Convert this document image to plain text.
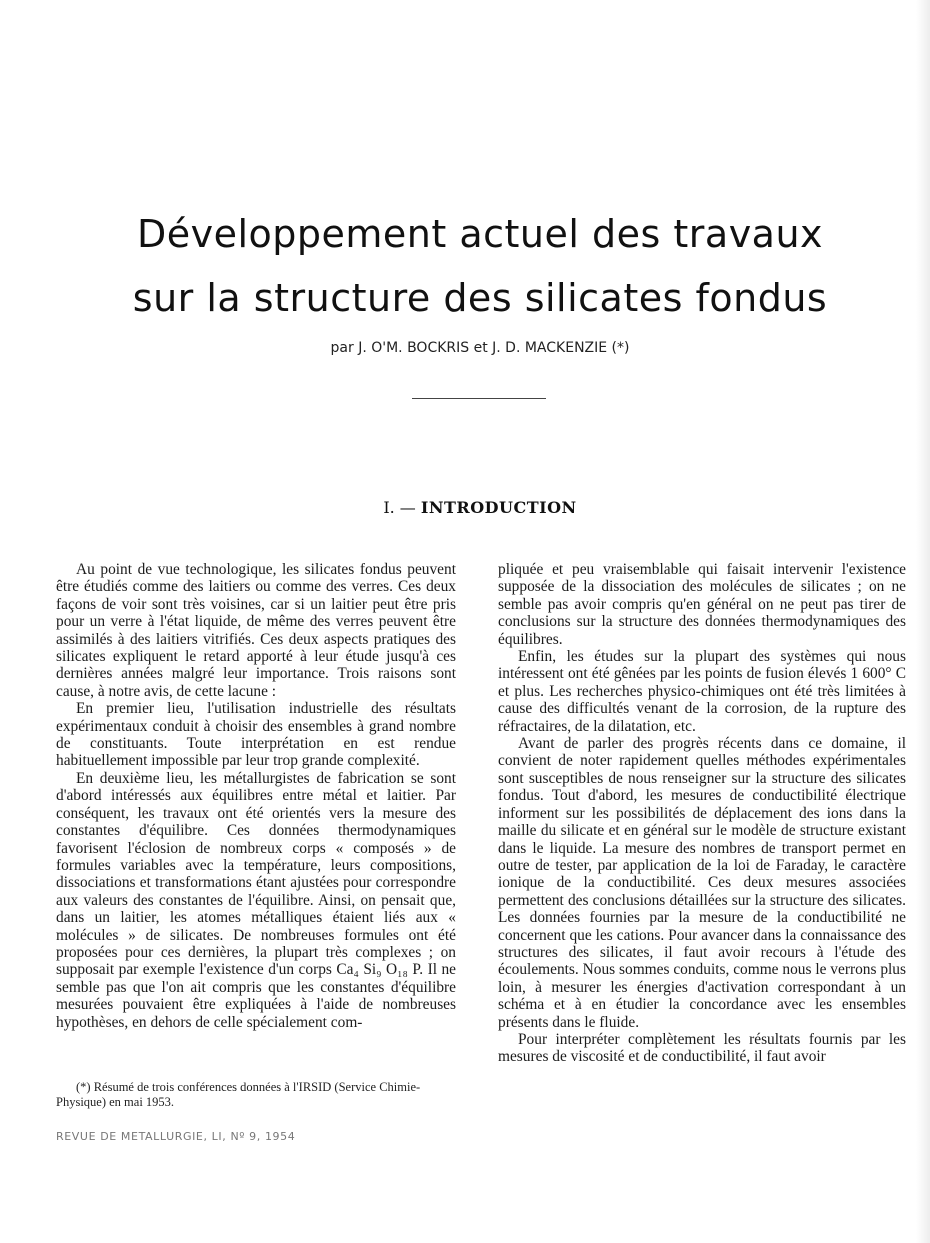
Développement actuel des travaux
sur la structure des silicates fondus
par J. O'M. BOCKRIS et J. D. MACKENZIE (*)
I. — INTRODUCTION

Au point de vue technologique, les silicates fondus peuvent être étudiés comme des laitiers ou comme des verres. Ces deux façons de voir sont très voisines, car si un laitier peut être pris pour un verre à l'état liquide, de même des verres peuvent être assimilés à des laitiers vitrifiés. Ces deux aspects pratiques des silicates expliquent le retard apporté à leur étude jusqu'à ces dernières années malgré leur importance. Trois raisons sont cause, à notre avis, de cette lacune :

En premier lieu, l'utilisation industrielle des résultats expérimentaux conduit à choisir des ensembles à grand nombre de constituants. Toute interprétation en est rendue habituellement impossible par leur trop grande complexité.

En deuxième lieu, les métallurgistes de fabrication se sont d'abord intéressés aux équilibres entre métal et laitier. Par conséquent, les travaux ont été orientés vers la mesure des constantes d'équilibre. Ces données thermodynamiques favorisent l'éclosion de nombreux corps « composés » de formules variables avec la température, leurs compositions, dissociations et transformations étant ajustées pour correspondre aux valeurs des constantes de l'équilibre. Ainsi, on pensait que, dans un laitier, les atomes métalliques étaient liés aux « molécules » de silicates. De nombreuses formules ont été proposées pour ces dernières, la plupart très complexes ; on supposait par exemple l'existence d'un corps Ca₄ Si₉ O₁₈ P. Il ne semble pas que l'on ait compris que les constantes d'équilibre mesurées pouvaient être expliquées à l'aide de nombreuses hypothèses, en dehors de celle spécialement com-

pliquée et peu vraisemblable qui faisait intervenir l'existence supposée de la dissociation des molécules de silicates ; on ne semble pas avoir compris qu'en général on ne peut pas tirer de conclusions sur la structure des données thermodynamiques des équilibres.

Enfin, les études sur la plupart des systèmes qui nous intéressent ont été gênées par les points de fusion élevés 1 600° C et plus. Les recherches physico-chimiques ont été très limitées à cause des difficultés venant de la corrosion, de la rupture des réfractaires, de la dilatation, etc.

Avant de parler des progrès récents dans ce domaine, il convient de noter rapidement quelles méthodes expérimentales sont susceptibles de nous renseigner sur la structure des silicates fondus. Tout d'abord, les mesures de conductibilité électrique informent sur les possibilités de déplacement des ions dans la maille du silicate et en général sur le modèle de structure existant dans le liquide. La mesure des nombres de transport permet en outre de tester, par application de la loi de Faraday, le caractère ionique de la conductibilité. Ces deux mesures associées permettent des conclusions détaillées sur la structure des silicates. Les données fournies par la mesure de la conductibilité ne concernent que les cations. Pour avancer dans la connaissance des structures des silicates, il faut avoir recours à l'étude des écoulements. Nous sommes conduits, comme nous le verrons plus loin, à mesurer les énergies d'activation correspondant à un schéma et à en étudier la concordance avec les ensembles présents dans le fluide.

Pour interpréter complètement les résultats fournis par les mesures de viscosité et de conductibilité, il faut avoir

(*) Résumé de trois conférences données à l'IRSID (Service Chimie-Physique) en mai 1953.
REVUE DE METALLURGIE, LI, Nº 9, 1954
